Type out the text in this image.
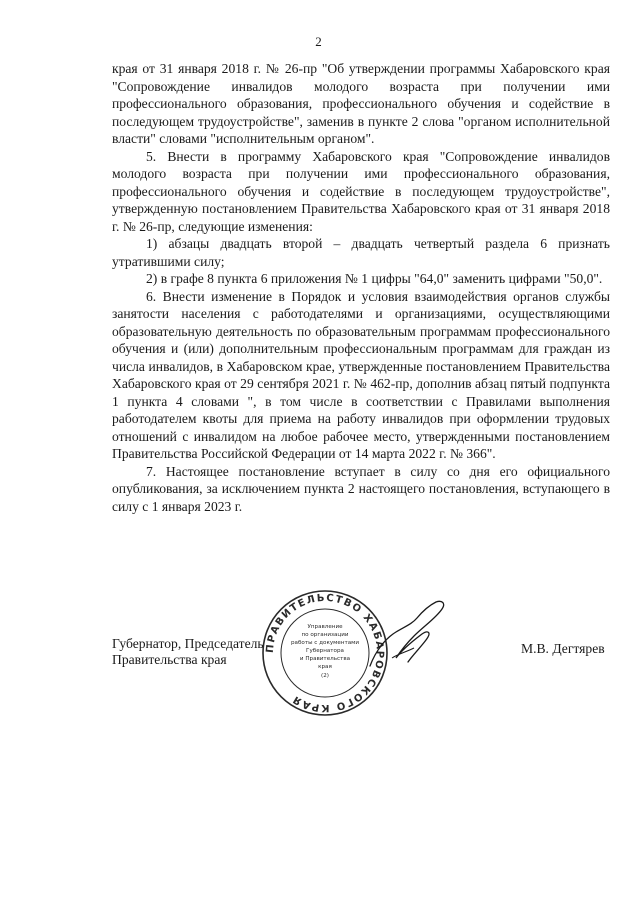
2

края от 31 января 2018 г. № 26-пр "Об утверждении программы Хабаровского края "Сопровождение инвалидов молодого возраста при получении ими профессионального образования, профессионального обучения и содействие в последующем трудоустройстве", заменив в пункте 2 слова "органом исполнительной власти" словами "исполнительным органом".

5. Внести в программу Хабаровского края "Сопровождение инвалидов молодого возраста при получении ими профессионального образования, профессионального обучения и содействие в последующем трудоустройстве", утвержденную постановлением Правительства Хабаровского края от 31 января 2018 г. № 26-пр, следующие изменения:

1) абзацы двадцать второй – двадцать четвертый раздела 6 признать утратившими силу;

2) в графе 8 пункта 6 приложения № 1 цифры "64,0" заменить цифрами "50,0".

6. Внести изменение в Порядок и условия взаимодействия органов службы занятости населения с работодателями и организациями, осуществляющими образовательную деятельность по образовательным программам профессионального обучения и (или) дополнительным профессиональным программам для граждан из числа инвалидов, в Хабаровском крае, утвержденные постановлением Правительства Хабаровского края от 29 сентября 2021 г. № 462-пр, дополнив абзац пятый подпункта 1 пункта 4 словами ", в том числе в соответствии с Правилами выполнения работодателем квоты для приема на работу инвалидов при оформлении трудовых отношений с инвалидом на любое рабочее место, утвержденными постановлением Правительства Российской Федерации от 14 марта 2022 г. № 366".

7. Настоящее постановление вступает в силу со дня его официального опубликования, за исключением пункта 2 настоящего постановления, вступающего в силу с 1 января 2023 г.

Губернатор, Председатель
Правительства края
ПРАВИТЕЛЬСТВО ХАБАРОВСКОГО КРАЯ
Управление
по организации
работы с документами
Губернатора
и Правительства
края
(2)
М.В. Дегтярев
